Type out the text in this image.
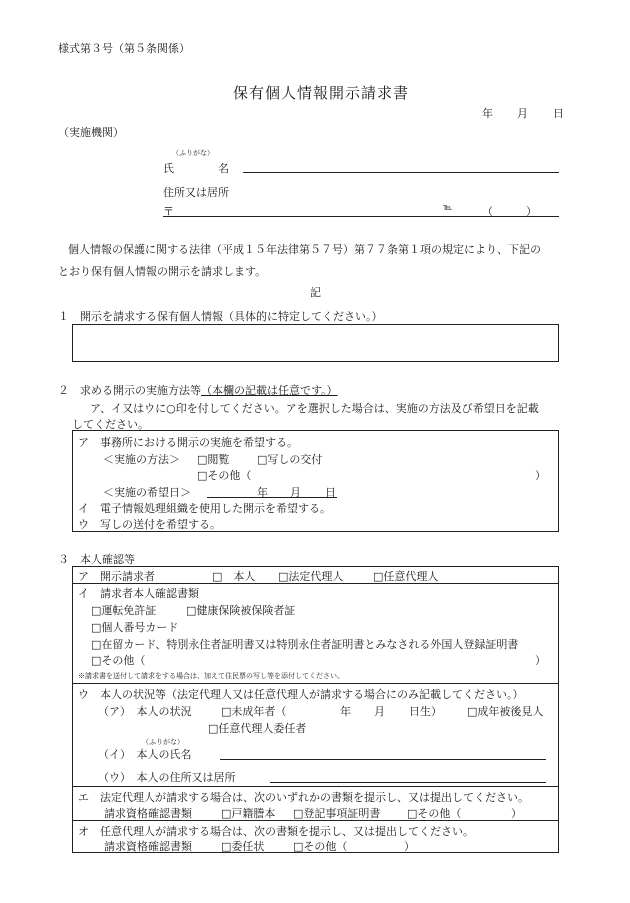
様式第３号（第５条関係）
保有個人情報開示請求書
年 月 日
（実施機関）
（ふりがな）
氏	名
住所又は居所
〒	℡	（　　　）
個人情報の保護に関する法律（平成１５年法律第５７号）第７７条第１項の規定により、下記の
とおり保有個人情報の開示を請求します。
記
１　開示を請求する保有個人情報（具体的に特定してください。）
２　求める開示の実施方法等（本欄の記載は任意です。）
ア、イ又はウに○印を付してください。アを選択した場合は、実施の方法及び希望日を記載
してください。
ア　事務所における開示の実施を希望する。
＜実施の方法＞ □閲覧	□写しの交付
□その他（	）
＜実施の希望日＞	年 月 日
イ　電子情報処理組織を使用した開示を希望する。
ウ　写しの送付を希望する。
３　本人確認等
ア　開示請求者	□　本人 □法定代理人	□任意代理人
イ　請求者本人確認書類
□運転免許証	□健康保険被保険者証
□個人番号カード
□在留カード、特別永住者証明書又は特別永住者証明書とみなされる外国人登録証明書
□その他（	）
※請求書を送付して請求をする場合は、加えて住民票の写し等を添付してください。
ウ　本人の状況等（法定代理人又は任意代理人が請求する場合にのみ記載してください。）
（ア）　本人の状況	□未成年者（	年 月 日生） □成年被後見人
□任意代理人委任者
（ふりがな）
（イ）　本人の氏名
（ウ）　本人の住所又は居所
エ　法定代理人が請求する場合は、次のいずれかの書類を提示し、又は提出してください。
請求資格確認書類	□戸籍謄本 □登記事項証明書 □その他（	）
オ　任意代理人が請求する場合は、次の書類を提示し、又は提出してください。
請求資格確認書類	□委任状	□その他（	）
